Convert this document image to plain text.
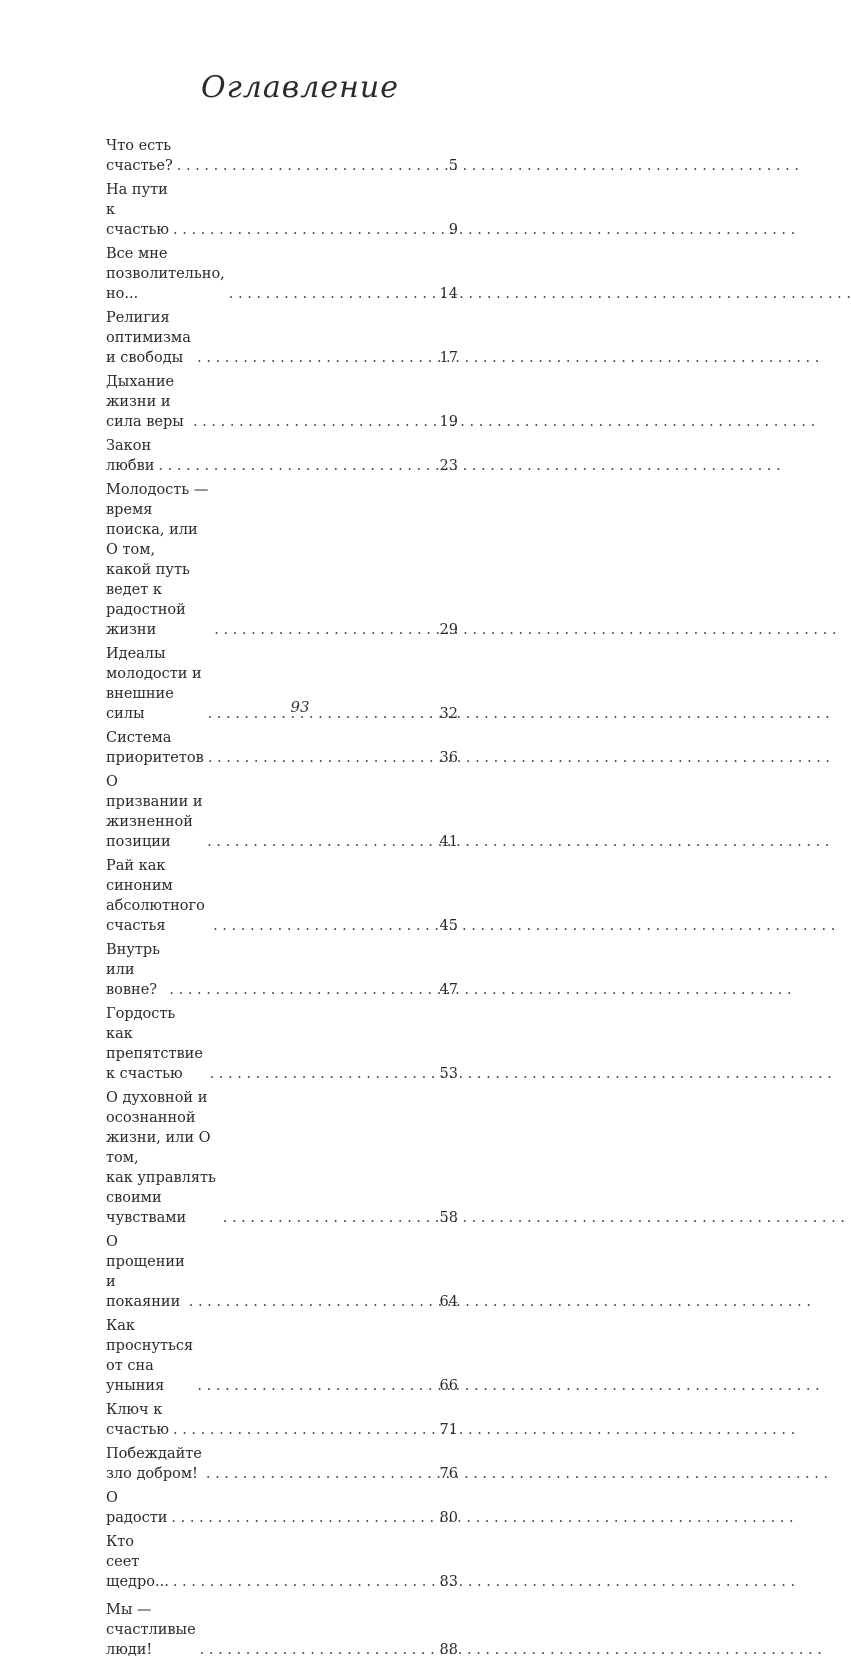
Оглавление
Что есть счастье? . . .	5
На пути к счастью . . .	9
Все мне позволительно, но... . . .	14
Религия оптимизма и свободы . . .	17
Дыхание жизни и сила веры . . .	19
Закон любви . . .	23
Молодость — время поиска, или О том,
какой путь ведет к радостной жизни . . .	29
Идеалы молодости и внешние силы . . .	32
Система приоритетов . . .	36
О призвании и жизненной позиции . . .	41
Рай как синоним абсолютного счастья . . .	45
Внутрь или вовне? . . .	47
Гордость как препятствие к счастью . . .	53
О духовной и осознанной жизни, или О том,
как управлять своими чувствами . . .	58
О прощении и покаянии . . .	64
Как проснуться от сна уныния . . .	66
Ключ к счастью . . .	71
Побеждайте зло добром! . . .	76
О радости . . .	80
Кто сеет щедро... . . .	83
Мы — счастливые люди! . . .	88
93
